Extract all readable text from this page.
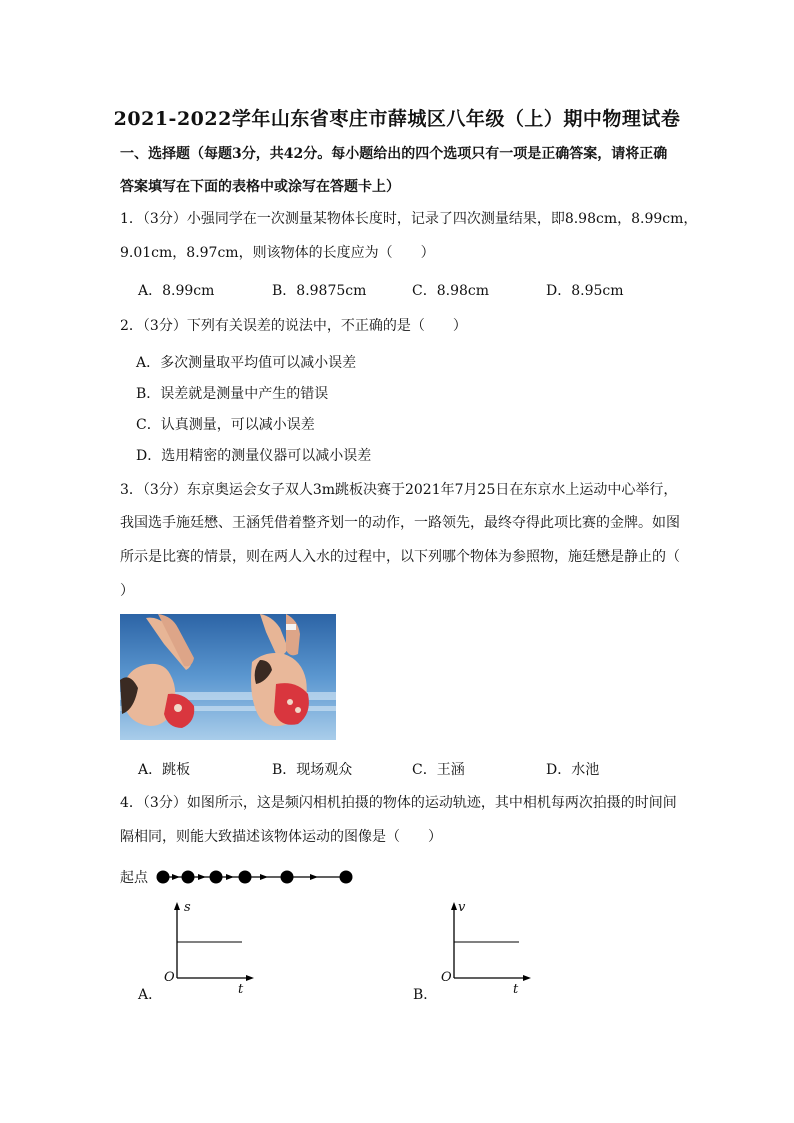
2021-2022学年山东省枣庄市薛城区八年级（上）期中物理试卷
一、选择题（每题3分，共42分。每小题给出的四个选项只有一项是正确答案，请将正确
答案填写在下面的表格中或涂写在答题卡上）
1．（3分）小强同学在一次测量某物体长度时，记录了四次测量结果，即8.98cm，8.99cm，
9.01cm，8.97cm，则该物体的长度应为（　　）
A．8.99cm	B．8.9875cm	C．8.98cm	D．8.95cm
2．（3分）下列有关误差的说法中，不正确的是（　　）
A．多次测量取平均值可以减小误差
B．误差就是测量中产生的错误
C．认真测量，可以减小误差
D．选用精密的测量仪器可以减小误差
3．（3分）东京奥运会女子双人3m跳板决赛于2021年7月25日在东京水上运动中心举行，
我国选手施廷懋、王涵凭借着整齐划一的动作，一路领先，最终夺得此项比赛的金牌。如图
所示是比赛的情景，则在两人入水的过程中，以下列哪个物体为参照物，施廷懋是静止的（
）
A．跳板	B．现场观众	C．王涵	D．水池
4．（3分）如图所示，这是频闪相机拍摄的物体的运动轨迹，其中相机每两次拍摄的时间间
隔相同，则能大致描述该物体运动的图像是（　　）
起点
s
O
t
A．
v
O
t
B．
